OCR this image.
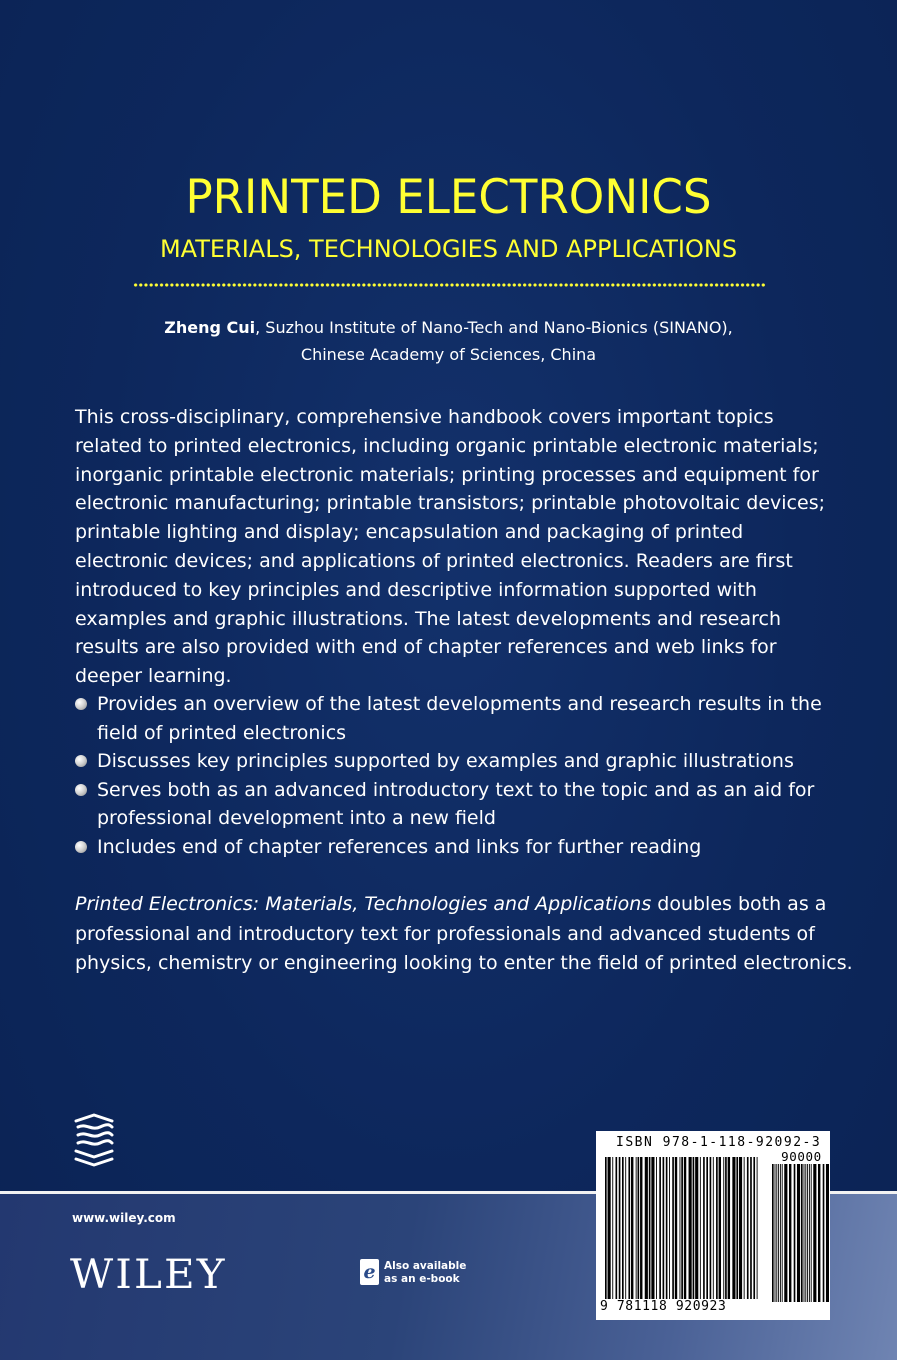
PRINTED ELECTRONICS
MATERIALS, TECHNOLOGIES AND APPLICATIONS
Zheng Cui, Suzhou Institute of Nano-Tech and Nano-Bionics (SINANO),
Chinese Academy of Sciences, China

This cross-disciplinary, comprehensive handbook covers important topics related to printed electronics, including organic printable electronic materials; inorganic printable electronic materials; printing processes and equipment for electronic manufacturing; printable transistors; printable photovoltaic devices; printable lighting and display; encapsulation and packaging of printed electronic devices; and applications of printed electronics. Readers are first introduced to key principles and descriptive information supported with examples and graphic illustrations. The latest developments and research results are also provided with end of chapter references and web links for deeper learning.

Provides an overview of the latest developments and research results in the field of printed electronics
Discusses key principles supported by examples and graphic illustrations
Serves both as an advanced introductory text to the topic and as an aid for professional development into a new field
Includes end of chapter references and links for further reading

Printed Electronics: Materials, Technologies and Applications doubles both as a professional and introductory text for professionals and advanced students of physics, chemistry or engineering looking to enter the field of printed electronics.

www.wiley.com
WILEY	e Also available
as an e-book
ISBN 978-1-118-92092-3
90000
9 781118 920923
